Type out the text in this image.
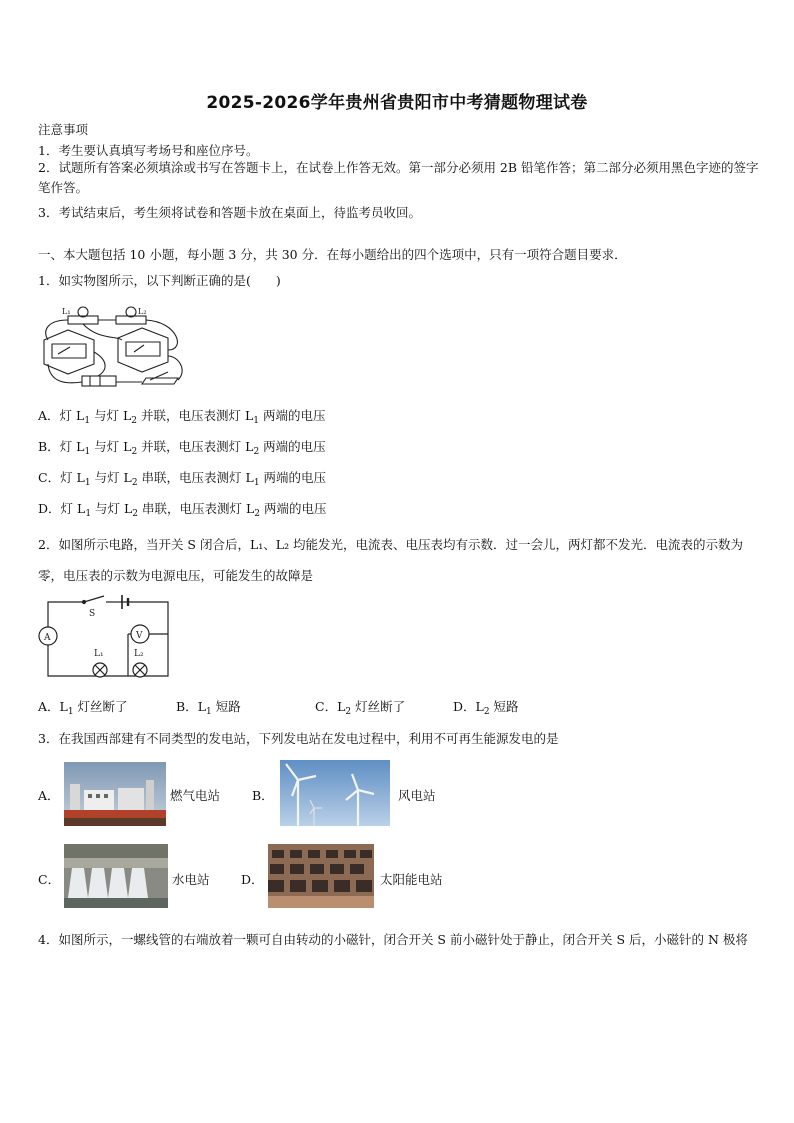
2025-2026学年贵州省贵阳市中考猜题物理试卷
注意事项
1．考生要认真填写考场号和座位序号。
2．试题所有答案必须填涂或书写在答题卡上，在试卷上作答无效。第一部分必须用 2B 铅笔作答；第二部分必须用黑色字迹的签字笔作答。
3．考试结束后，考生须将试卷和答题卡放在桌面上，待监考员收回。
一、本大题包括 10 小题，每小题 3 分，共 30 分．在每小题给出的四个选项中，只有一项符合题目要求．
1．如实物图所示，以下判断正确的是(　　)
L₁	L₂
A．灯 $L_1$ 与灯 $L_2$ 并联，电压表测灯 $L_1$ 两端的电压
B．灯 $L_1$ 与灯 $L_2$ 并联，电压表测灯 $L_2$ 两端的电压
C．灯 $L_1$ 与灯 $L_2$ 串联，电压表测灯 $L_1$ 两端的电压
D．灯 $L_1$ 与灯 $L_2$ 串联，电压表测灯 $L_2$ 两端的电压
2．如图所示电路，当开关 S 闭合后，L₁、L₂ 均能发光，电流表、电压表均有示数．过一会儿，两灯都不发光．电流表的示数为零，电压表的示数为电源电压，可能发生的故障是
S
A	V
L₁	L₂
A．$L_1$ 灯丝断了	B．$L_1$ 短路	C．$L_2$ 灯丝断了	D．$L_2$ 短路
3．在我国西部建有不同类型的发电站，下列发电站在发电过程中，利用不可再生能源发电的是
A．	燃气电站	B．	风电站
C．	水电站	D．	太阳能电站
4．如图所示，一螺线管的右端放着一颗可自由转动的小磁针，闭合开关 S 前小磁针处于静止，闭合开关 S 后，小磁针的 N 极将
